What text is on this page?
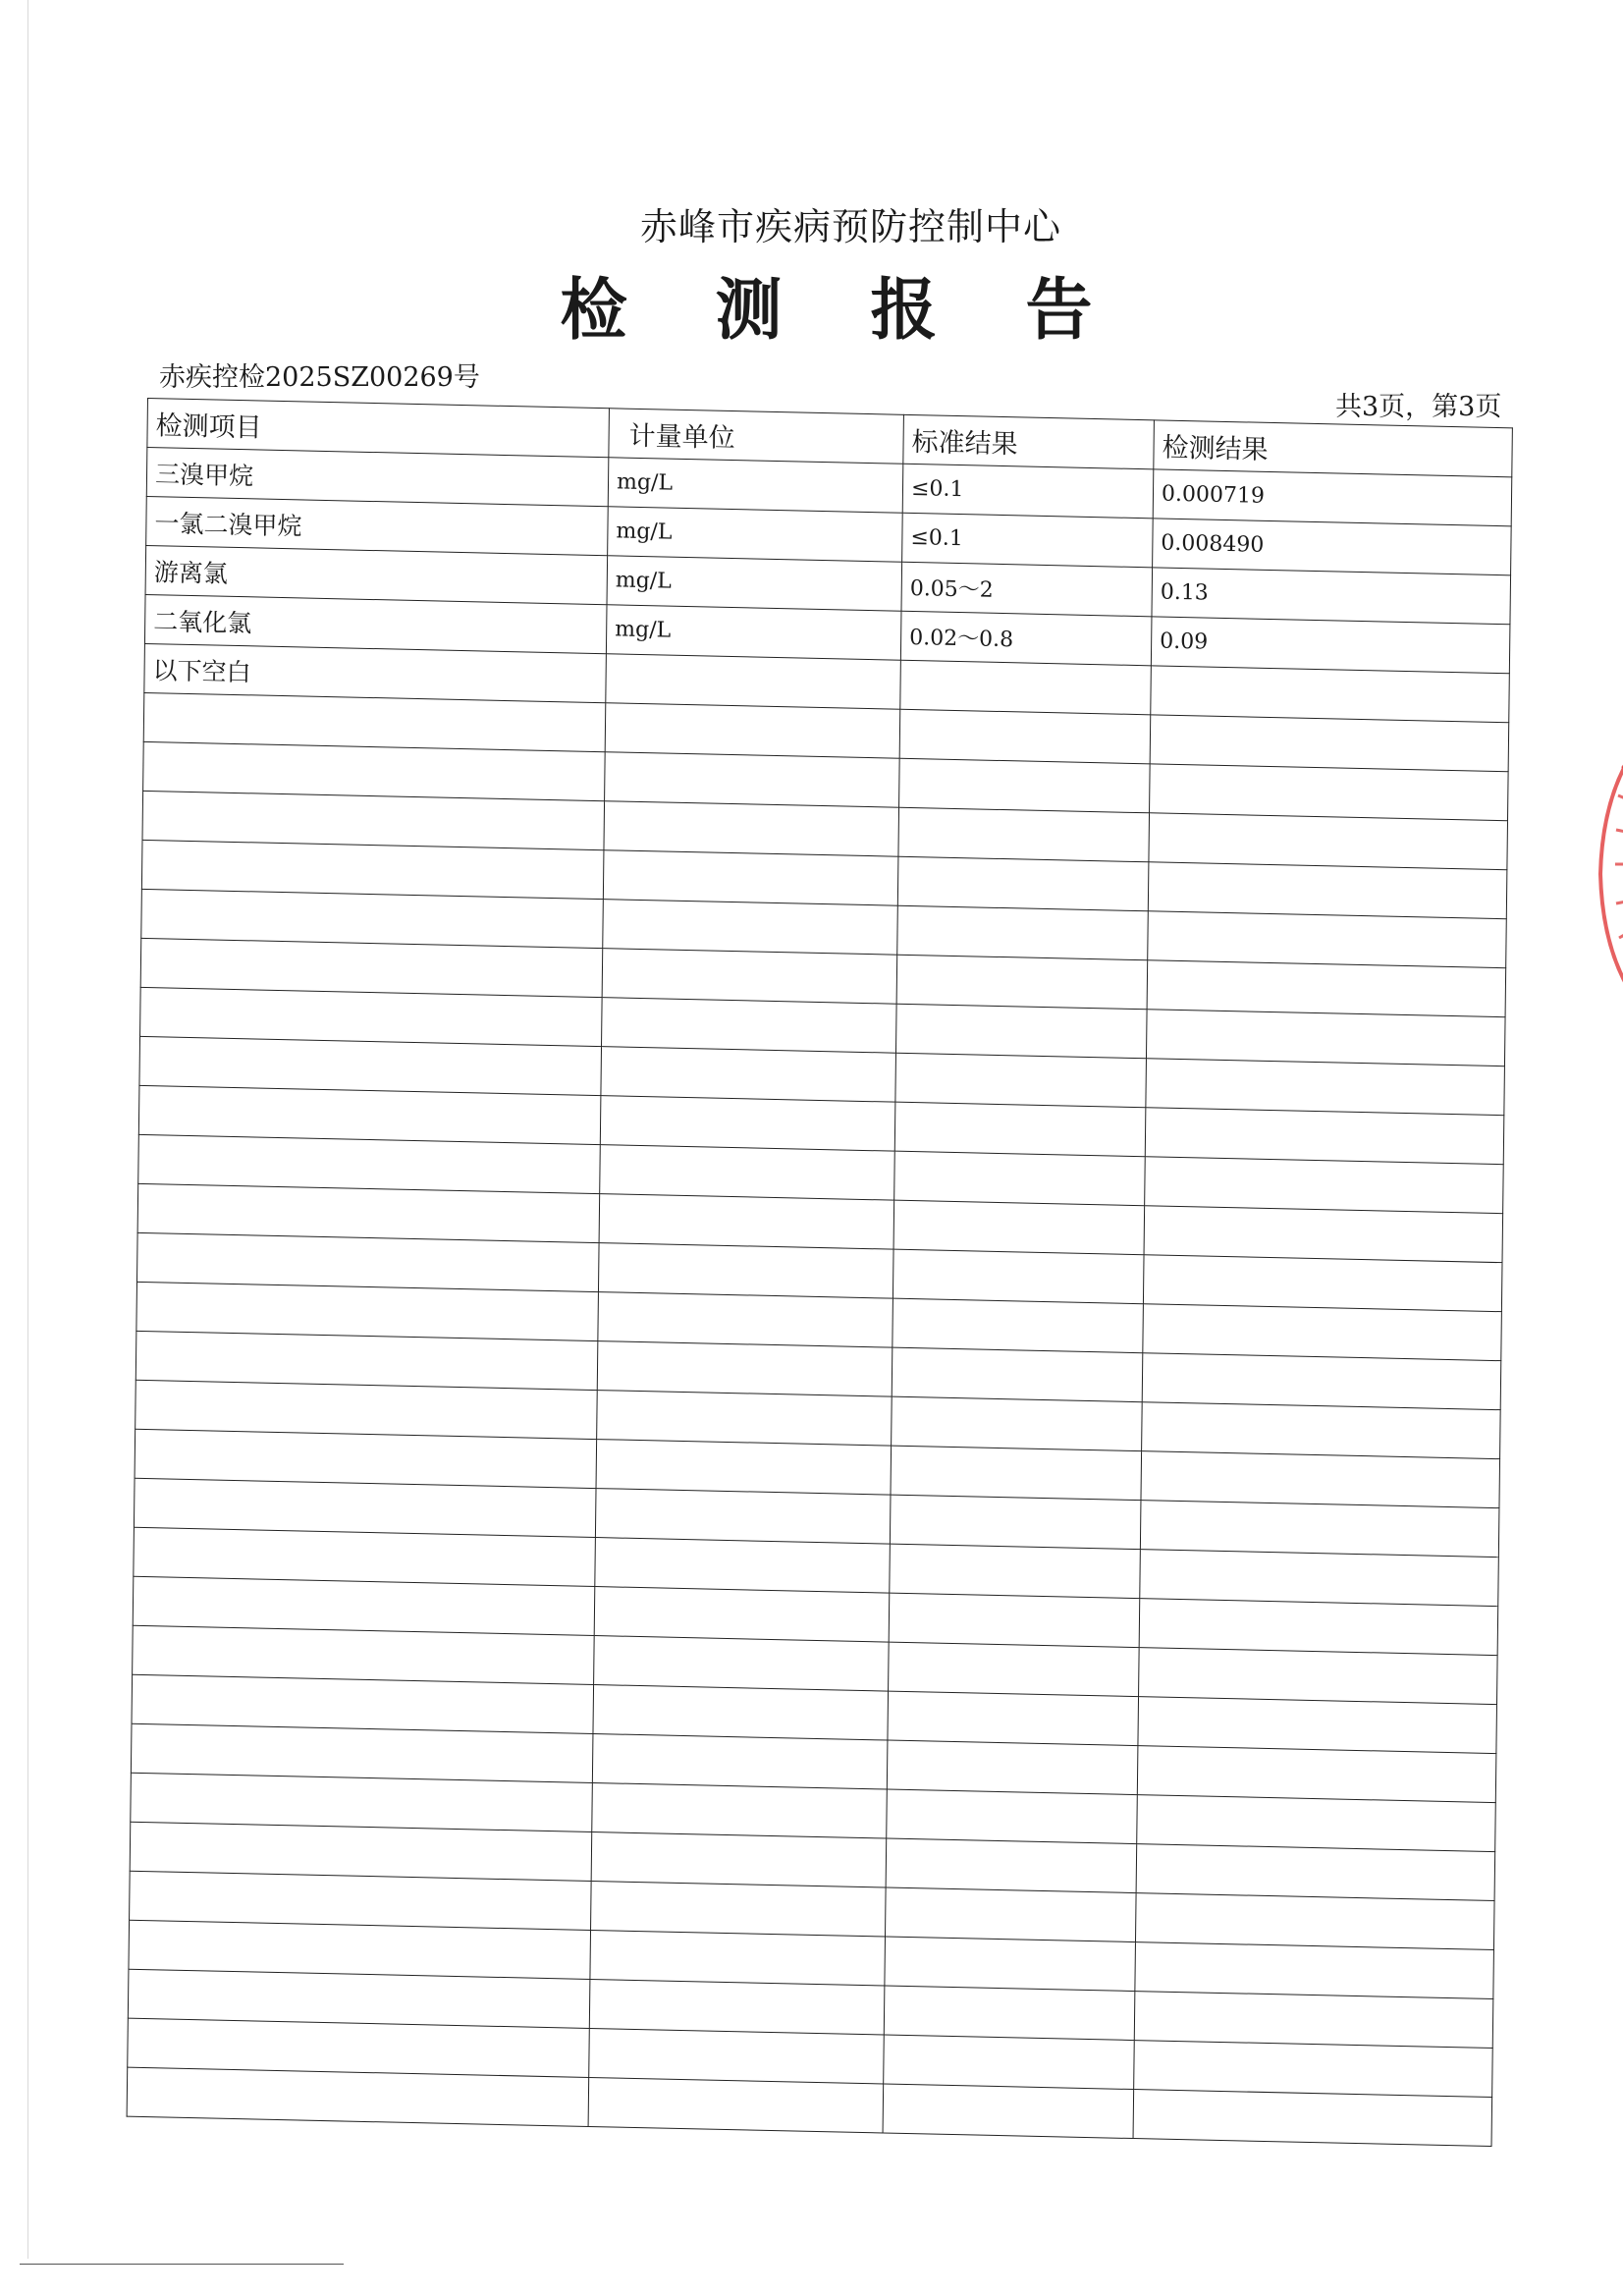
赤峰市疾病预防控制中心
检测报告
赤疾控检2025SZ00269号
共3页，第3页
检测项目	计量单位	标准结果	检测结果
三溴甲烷	mg/L	≤0.1	0.000719
一氯二溴甲烷	mg/L	≤0.1	0.008490
游离氯	mg/L	0.05～2	0.13
二氧化氯	mg/L	0.02～0.8	0.09
以下空白			
